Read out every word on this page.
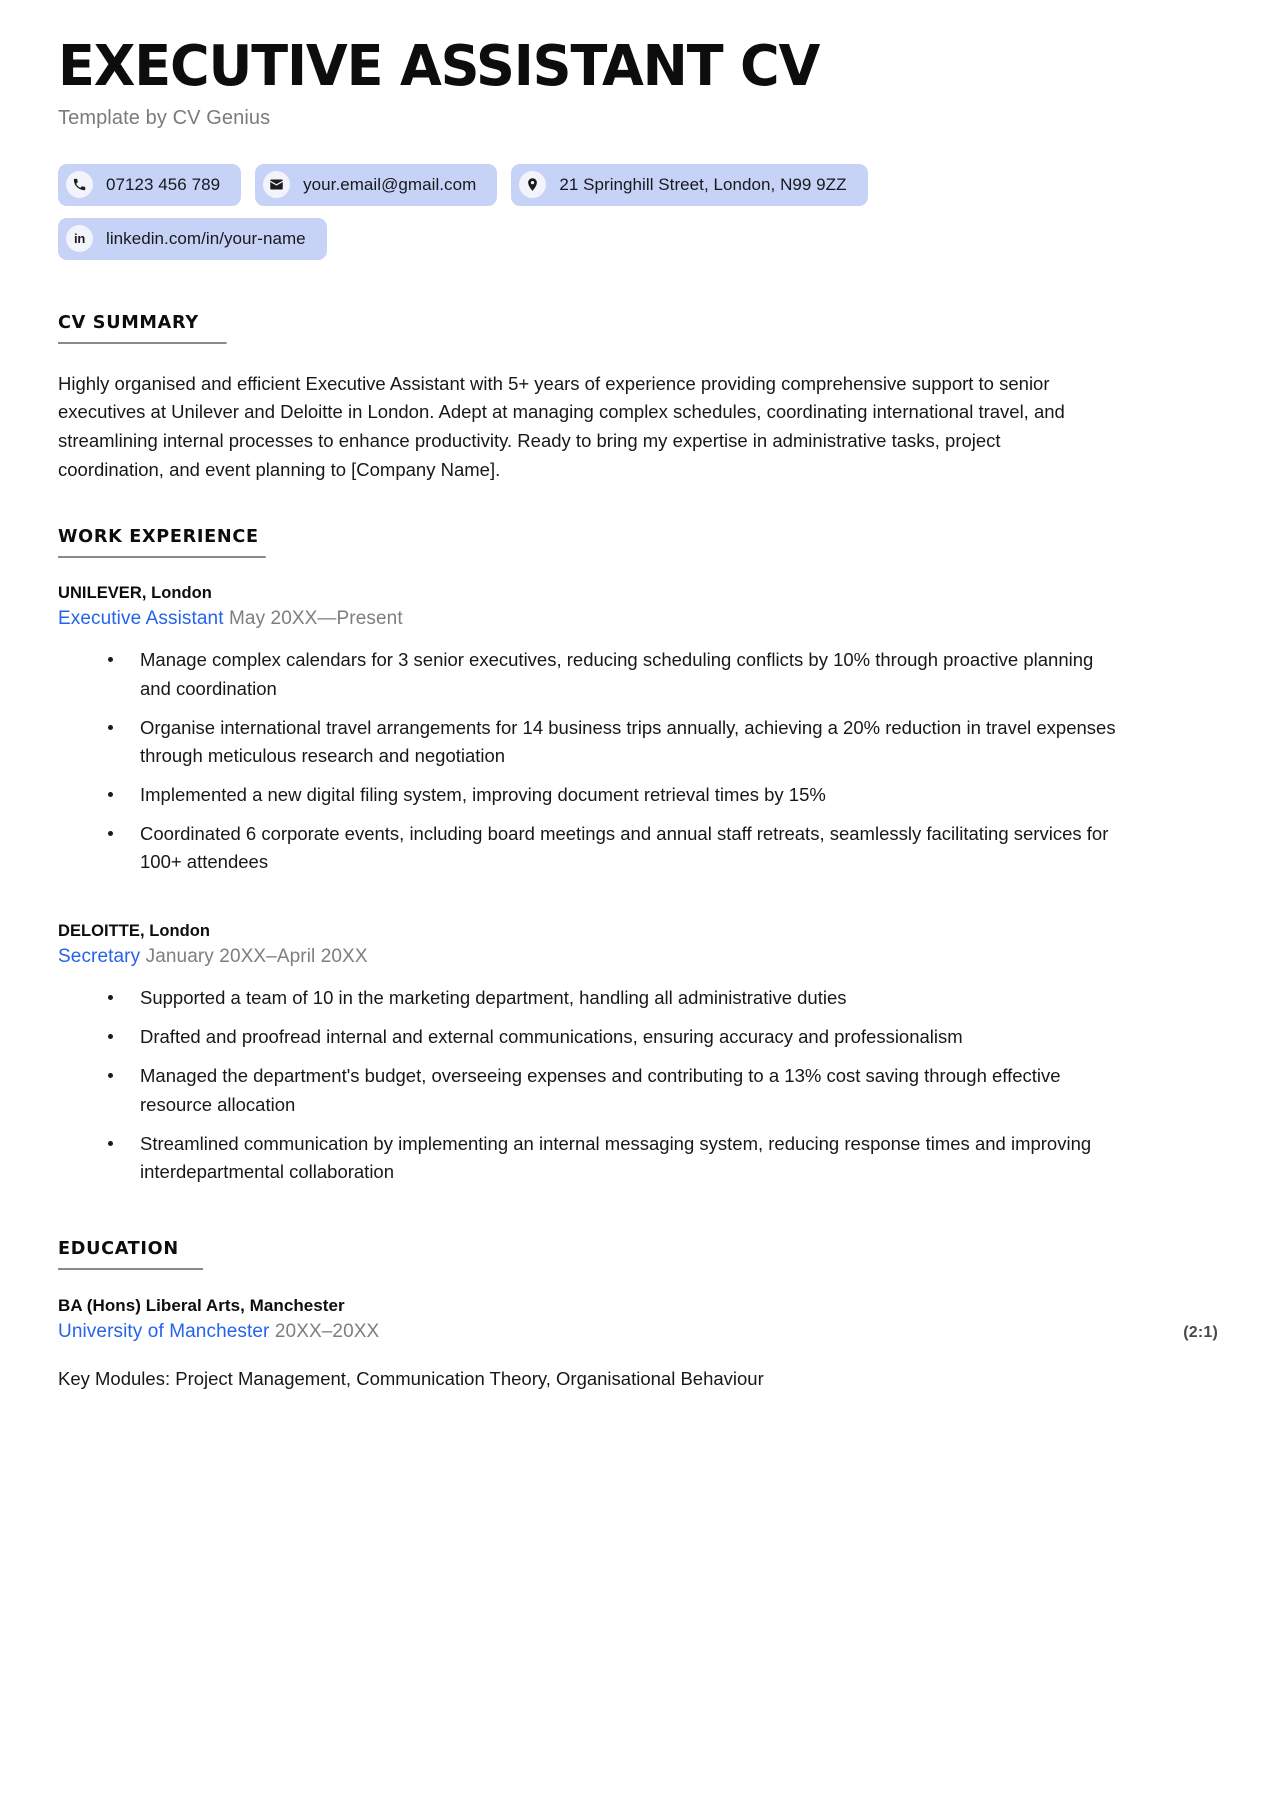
EXECUTIVE ASSISTANT CV
Template by CV Genius
07123 456 789	your.email@gmail.com	21 Springhill Street, London, N99 9ZZ
in linkedin.com/in/your-name
CV SUMMARY

Highly organised and efficient Executive Assistant with 5+ years of experience providing comprehensive support to senior executives at Unilever and Deloitte in London. Adept at managing complex schedules, coordinating international travel, and streamlining internal processes to enhance productivity. Ready to bring my expertise in administrative tasks, project coordination, and event planning to [Company Name].

WORK EXPERIENCE
UNILEVER, London
Executive Assistant May 20XX—Present
Manage complex calendars for 3 senior executives, reducing scheduling conflicts by 10% through proactive planning and coordination
Organise international travel arrangements for 14 business trips annually, achieving a 20% reduction in travel expenses through meticulous research and negotiation
Implemented a new digital filing system, improving document retrieval times by 15%
Coordinated 6 corporate events, including board meetings and annual staff retreats, seamlessly facilitating services for 100+ attendees
DELOITTE, London
Secretary January 20XX–April 20XX
Supported a team of 10 in the marketing department, handling all administrative duties
Drafted and proofread internal and external communications, ensuring accuracy and professionalism
Managed the department's budget, overseeing expenses and contributing to a 13% cost saving through effective resource allocation
Streamlined communication by implementing an internal messaging system, reducing response times and improving interdepartmental collaboration
EDUCATION
BA (Hons) Liberal Arts, Manchester
University of Manchester 20XX–20XX	(2:1)
Key Modules: Project Management, Communication Theory, Organisational Behaviour
